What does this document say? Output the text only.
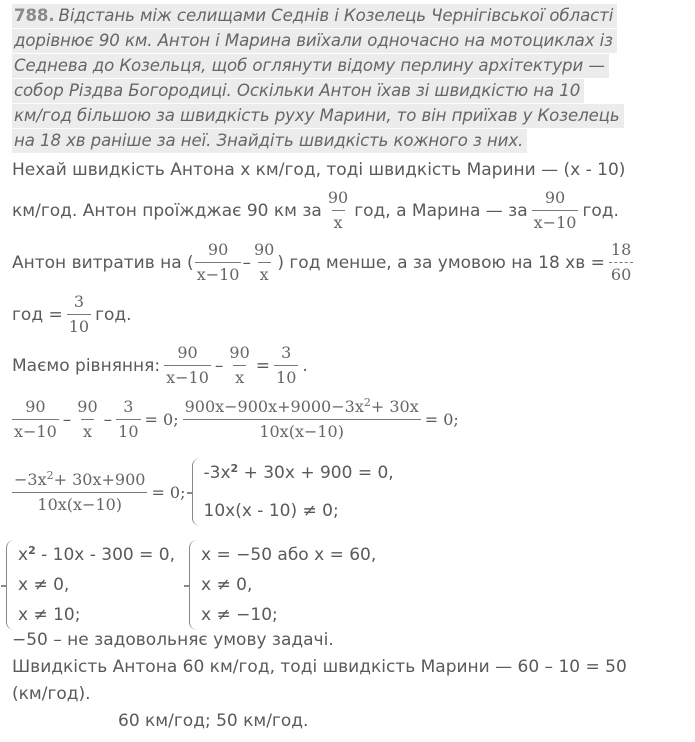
788. Відстань між селищами Седнів і Козелець Чернігівської області
дорівнює 90 км. Антон і Марина виїхали одночасно на мотоциклах із
Седнева до Козельця, щоб оглянути відому перлину архітектури —
собор Різдва Богородиці. Оскільки Антон їхав зі швидкістю на 10
км/год більшою за швидкість руху Марини, то він приїхав у Козелець
на 18 хв раніше за неї. Знайдіть швидкість кожного з них.
Нехай швидкість Антона х км/год, тоді швидкість Марини — (х - 10)
км/год. Антон проїжджає 90 км за $\frac{90}{x}$ год, а Марина — за $\frac{90}{x-10}$ год.
Антон витратив на ( $\frac{90}{x-10} - \frac{90}{x}$ ) год менше, а за умовою на 18 хв = $\frac{18}{60}$
год = $\frac{3}{10}$ год.
Маємо рівняння: $\frac{90}{x-10} - \frac{90}{x} = \frac{3}{10}$ .
$\frac{90}{x-10} - \frac{90}{x} - \frac{3}{10} = 0$; $\frac{900x-900x+9000-3x^2+ 30x}{10x(x-10)} = 0$;
$\frac{-3x^2+ 30x+900}{10x(x-10)} = 0$;
$-3x^2 + 30x + 900 = 0$,
10x(x - 10) ≠ 0;
$x^2 - 10x - 300 = 0$,
x ≠ 0,
x ≠ 10;
x = −50 або x = 60,
x ≠ 0,
x ≠ −10;
−50 – не задовольняє умову задачі.
Швидкість Антона 60 км/год, тоді швидкість Марини — 60 – 10 = 50
(км/год).
60 км/год; 50 км/год.
